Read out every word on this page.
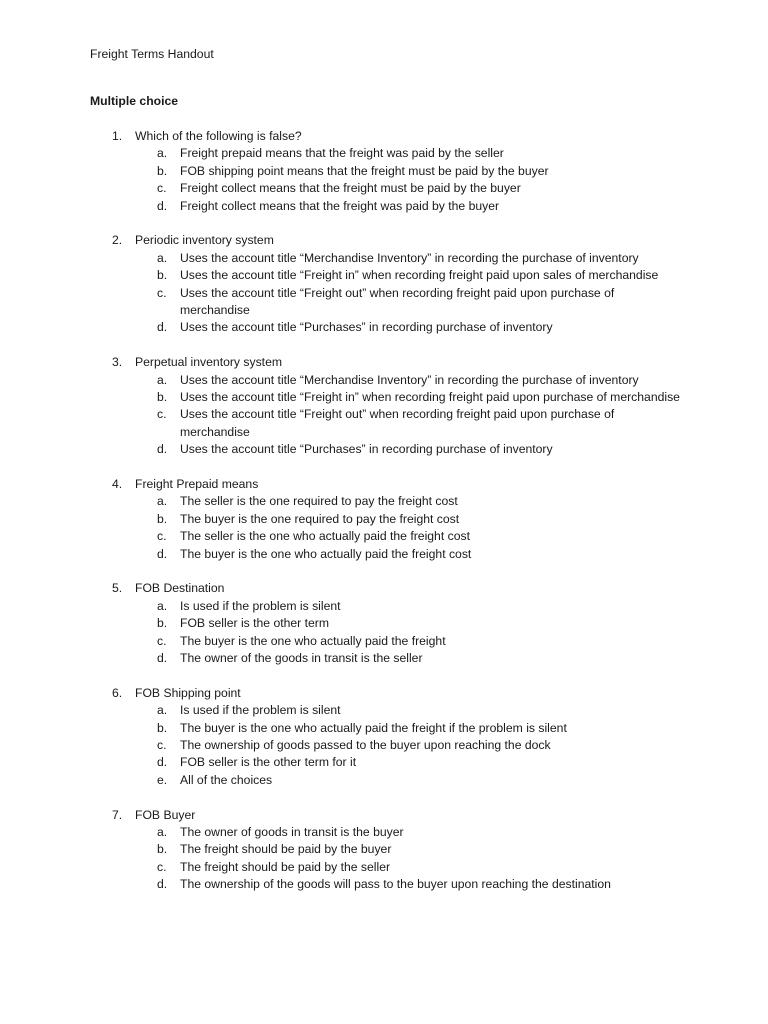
Freight Terms Handout
Multiple choice
1. Which of the following is false?
a. Freight prepaid means that the freight was paid by the seller
b. FOB shipping point means that the freight must be paid by the buyer
c. Freight collect means that the freight must be paid by the buyer
d. Freight collect means that the freight was paid by the buyer
2. Periodic inventory system
a. Uses the account title “Merchandise Inventory” in recording the purchase of inventory
b. Uses the account title “Freight in” when recording freight paid upon sales of merchandise
c. Uses the account title “Freight out” when recording freight paid upon purchase of merchandise
d. Uses the account title “Purchases” in recording purchase of inventory
3. Perpetual inventory system
a. Uses the account title “Merchandise Inventory” in recording the purchase of inventory
b. Uses the account title “Freight in” when recording freight paid upon purchase of merchandise
c. Uses the account title “Freight out” when recording freight paid upon purchase of merchandise
d. Uses the account title “Purchases” in recording purchase of inventory
4. Freight Prepaid means
a. The seller is the one required to pay the freight cost
b. The buyer is the one required to pay the freight cost
c. The seller is the one who actually paid the freight cost
d. The buyer is the one who actually paid the freight cost
5. FOB Destination
a. Is used if the problem is silent
b. FOB seller is the other term
c. The buyer is the one who actually paid the freight
d. The owner of the goods in transit is the seller
6. FOB Shipping point
a. Is used if the problem is silent
b. The buyer is the one who actually paid the freight if the problem is silent
c. The ownership of goods passed to the buyer upon reaching the dock
d. FOB seller is the other term for it
e. All of the choices
7. FOB Buyer
a. The owner of goods in transit is the buyer
b. The freight should be paid by the buyer
c. The freight should be paid by the seller
d. The ownership of the goods will pass to the buyer upon reaching the destination
